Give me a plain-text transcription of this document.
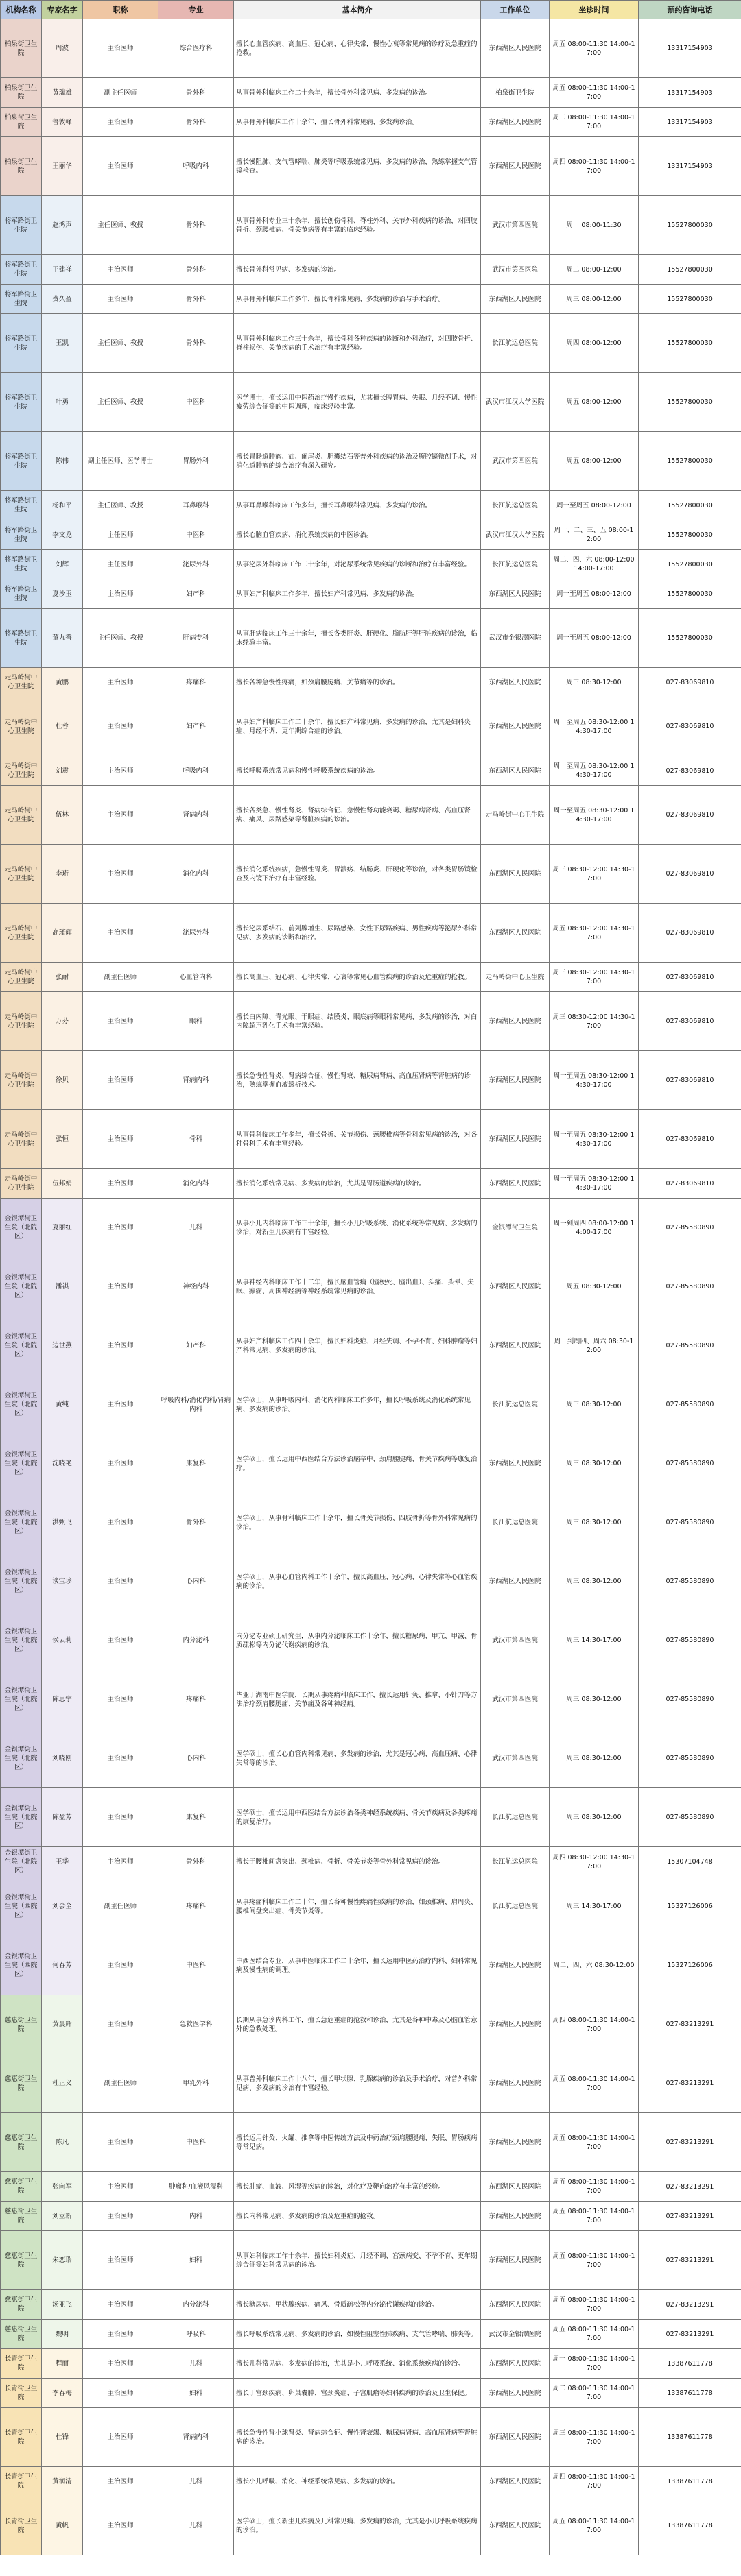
机构名称	专家名字	职称	专业	基本简介	工作单位	坐诊时间	预约咨询电话
柏泉街卫生院	周波	主治医师	综合医疗科	擅长心血管疾病、高血压、冠心病、心律失常，慢性心衰等常见病的诊疗及急重症的抢救。	东西湖区人民医院	周五 08:00-11:30 14:00-17:00	13317154903
柏泉街卫生院	黄瑞雄	副主任医师	骨外科	从事骨外科临床工作二十余年，擅长骨外科常见病、多发病的诊治。	柏泉街卫生院	周五 08:00-11:30 14:00-17:00	13317154903
柏泉街卫生院	鲁敦峰	主治医师	骨外科	从事骨外科临床工作十余年，擅长骨外科常见病、多发病诊治。	东西湖区人民医院	周二 08:00-11:30 14:00-17:00	13317154903
柏泉街卫生院	王丽华	主治医师	呼吸内科	擅长慢阻肺、支气管哮喘、肺炎等呼吸系统常见病、多发病的诊治，熟练掌握支气管镜检查。	东西湖区人民医院	周四 08:00-11:30 14:00-17:00	13317154903
将军路街卫生院	赵鸿声	主任医师、教授	骨外科	从事骨外科专业三十余年，擅长创伤骨科、脊柱外科、关节外科疾病的诊治，对四肢骨折、颈腰椎病、骨关节病等有丰富的临床经验。	武汉市第四医院	周一 08:00-11:30	15527800030
将军路街卫生院	王建祥	主治医师	骨外科	擅长骨外科常见病、多发病的诊治。	武汉市第四医院	周二 08:00-12:00	15527800030
将军路街卫生院	费久盈	主治医师	骨外科	从事骨外科临床工作多年，擅长骨科常见病、多发病的诊治与手术治疗。	东西湖区人民医院	周三 08:00-12:00	15527800030
将军路街卫生院	王凯	主任医师、教授	骨外科	从事骨外科临床工作三十余年，擅长骨科各种疾病的诊断和外科治疗，对四肢骨折、脊柱损伤、关节疾病的手术治疗有丰富经验。	长江航运总医院	周四 08:00-12:00	15527800030
将军路街卫生院	叶勇	主任医师、教授	中医科	医学博士，擅长运用中医药治疗慢性疾病，尤其擅长脾胃病、失眠、月经不调、慢性疲劳综合征等的中医调理，临床经验丰富。	武汉市江汉大学医院	周五 08:00-12:00	15527800030
将军路街卫生院	陈伟	副主任医师、医学博士	胃肠外科	擅长胃肠道肿瘤、疝、阑尾炎、胆囊结石等普外科疾病的诊治及腹腔镜微创手术，对消化道肿瘤的综合治疗有深入研究。	武汉市第四医院	周五 08:00-12:00	15527800030
将军路街卫生院	杨和平	主任医师、教授	耳鼻喉科	从事耳鼻喉科临床工作多年，擅长耳鼻喉科常见病、多发病的诊治。	长江航运总医院	周一至周五 08:00-12:00	15527800030
将军路街卫生院	李文龙	主任医师	中医科	擅长心脑血管疾病、消化系统疾病的中医诊治。	武汉市江汉大学医院	周一、二、三、五 08:00-12:00	15527800030
将军路街卫生院	刘辉	主任医师	泌尿外科	从事泌尿外科临床工作二十余年，对泌尿系统常见疾病的诊断和治疗有丰富经验。	长江航运总医院	周二、四、六 08:00-12:00 14:00-17:00	15527800030
将军路街卫生院	夏沙玉	主治医师	妇产科	从事妇产科临床工作多年，擅长妇产科常见病、多发病的诊治。	东西湖区人民医院	周一至周五 08:00-12:00	15527800030
将军路街卫生院	董九香	主任医师、教授	肝病专科	从事肝病临床工作三十余年，擅长各类肝炎、肝硬化、脂肪肝等肝脏疾病的诊治，临床经验丰富。	武汉市金银潭医院	周一至周五 08:00-12:00	15527800030
走马岭街中心卫生院	黄鹏	主治医师	疼痛科	擅长各种急慢性疼痛，如颈肩腰腿痛、关节痛等的诊治。	东西湖区人民医院	周三 08:30-12:00	027-83069810
走马岭街中心卫生院	杜蓉	主治医师	妇产科	从事妇产科临床工作二十余年，擅长妇产科常见病、多发病的诊治，尤其是妇科炎症、月经不调、更年期综合症的诊治。	东西湖区人民医院	周一至周五 08:30-12:00 14:30-17:00	027-83069810
走马岭街中心卫生院	刘震	主治医师	呼吸内科	擅长呼吸系统常见病和慢性呼吸系统疾病的诊治。	东西湖区人民医院	周一至周五 08:30-12:00 14:30-17:00	027-83069810
走马岭街中心卫生院	伍林	主治医师	肾病内科	擅长各类急、慢性肾炎、肾病综合征、急慢性肾功能衰竭、糖尿病肾病、高血压肾病、痛风、尿路感染等肾脏疾病的诊治。	走马岭街中心卫生院	周一至周五 08:30-12:00 14:30-17:00	027-83069810
走马岭街中心卫生院	李珩	主治医师	消化内科	擅长消化系统疾病，急慢性胃炎、胃溃疡、结肠炎、肝硬化等诊治，对各类胃肠镜检查及内镜下治疗有丰富经验。	东西湖区人民医院	周三 08:30-12:00 14:30-17:00	027-83069810
走马岭街中心卫生院	高瑾辉	主治医师	泌尿外科	擅长泌尿系结石、前列腺增生、尿路感染、女性下尿路疾病、男性疾病等泌尿外科常见病、多发病的诊断和治疗。	东西湖区人民医院	周五 08:30-12:00 14:30-17:00	027-83069810
走马岭街中心卫生院	张耐	副主任医师	心血管内科	擅长高血压、冠心病、心律失常、心衰等常见心血管疾病的诊治及危重症的抢救。	走马岭街中心卫生院	周三 08:30-12:00 14:30-17:00	027-83069810
走马岭街中心卫生院	万芬	主治医师	眼科	擅长白内障、青光眼、干眼症、结膜炎、眼底病等眼科常见病、多发病的诊治，对白内障超声乳化手术有丰富经验。	东西湖区人民医院	周三 08:30-12:00 14:30-17:00	027-83069810
走马岭街中心卫生院	徐贝	主治医师	肾病内科	擅长急慢性肾炎、肾病综合征、慢性肾衰、糖尿病肾病、高血压肾病等肾脏病的诊治，熟练掌握血液透析技术。	东西湖区人民医院	周一至周五 08:30-12:00 14:30-17:00	027-83069810
走马岭街中心卫生院	张恒	主治医师	骨科	从事骨科临床工作多年，擅长骨折、关节损伤、颈腰椎病等骨科常见病的诊治，对各种骨科手术有丰富经验。	东西湖区人民医院	周一至周五 08:30-12:00 14:30-17:00	027-83069810
走马岭街中心卫生院	伍邦娟	主治医师	消化内科	擅长消化系统常见病、多发病的诊治，尤其是胃肠道疾病的诊治。	东西湖区人民医院	周一至周五 08:30-12:00 14:30-17:00	027-83069810
金银潭街卫生院（北院区）	夏丽红	主治医师	儿科	从事小儿内科临床工作三十余年，擅长小儿呼吸系统、消化系统等常见病、多发病的诊治，对新生儿疾病有丰富经验。	金银潭街卫生院	周一到周四 08:00-12:00 14:00-17:00	027-85580890
金银潭街卫生院（北院区）	潘祺	主治医师	神经内科	从事神经内科临床工作十二年，擅长脑血管病（脑梗死、脑出血）、头痛、头晕、失眠、癫痫、周围神经病等神经系统常见病的诊治。	东西湖区人民医院	周五 08:30-12:00	027-85580890
金银潭街卫生院（北院区）	边世燕	主治医师	妇产科	从事妇产科临床工作四十余年，擅长妇科炎症、月经失调、不孕不育、妇科肿瘤等妇产科常见病、多发病的诊治。	东西湖区人民医院	周一到周四、周六 08:30-12:00	027-85580890
金银潭街卫生院（北院区）	黄纯	主治医师	呼吸内科/消化内科/肾病内科	医学硕士，从事呼吸内科、消化内科临床工作多年，擅长呼吸系统及消化系统常见病、多发病的诊治。	长江航运总医院	周三 08:30-12:00	027-85580890
金银潭街卫生院（北院区）	沈晓艳	主治医师	康复科	医学硕士，擅长运用中西医结合方法诊治脑卒中、颈肩腰腿痛、骨关节疾病等康复治疗。	东西湖区人民医院	周三 08:30-12:00	027-85580890
金银潭街卫生院（北院区）	洪甄飞	主治医师	骨外科	医学硕士，从事骨科临床工作十余年，擅长骨关节损伤、四肢骨折等骨外科常见病的诊治。	长江航运总医院	周三 08:30-12:00	027-85580890
金银潭街卫生院（北院区）	谈宝珍	主治医师	心内科	医学硕士，从事心血管内科工作十余年，擅长高血压、冠心病、心律失常等心血管疾病的诊治。	东西湖区人民医院	周三 08:30-12:00	027-85580890
金银潭街卫生院（北院区）	侯云莉	主治医师	内分泌科	内分泌专业硕士研究生，从事内分泌临床工作十余年，擅长糖尿病、甲亢、甲减、骨质疏松等内分泌代谢疾病的诊治。	武汉市第四医院	周三 14:30-17:00	027-85580890
金银潭街卫生院（北院区）	陈思宇	主治医师	疼痛科	毕业于湖南中医学院，长期从事疼痛科临床工作，擅长运用针灸、推拿、小针刀等方法治疗颈肩腰腿痛、关节痛及各种神经痛。	武汉市第四医院	周三 08:30-12:00	027-85580890
金银潭街卫生院（北院区）	刘晓刚	主治医师	心内科	医学硕士，擅长心血管内科常见病、多发病的诊治，尤其是冠心病、高血压病、心律失常等的诊治。	武汉市第四医院	周三 08:30-12:00	027-85580890
金银潭街卫生院（北院区）	陈盈芳	主治医师	康复科	医学硕士，擅长运用中西医结合方法诊治各类神经系统疾病、骨关节疾病及各类疼痛的康复治疗。	长江航运总医院	周三 08:30-12:00	027-85580890
金银潭街卫生院（北院区）	王华	主治医师	骨外科	擅长于腰椎间盘突出、颈椎病、骨折、骨关节炎等骨外科常见病的诊治。	长江航运总医院	周四 08:30-12:00 14:30-17:00	15307104748
金银潭街卫生院（西院区）	刘会全	副主任医师	疼痛科	从事疼痛科临床工作二十年，擅长各种慢性疼痛性疾病的诊治，如颈椎病、肩周炎、腰椎间盘突出症、骨关节炎等。	长江航运总医院	周三 14:30-17:00	15327126006
金银潭街卫生院（西院区）	何春芳	主治医师	中医科	中西医结合专业，从事中医临床工作二十余年，擅长运用中医药治疗内科、妇科常见病及慢性病的调理。	东西湖区人民医院	周二、四、六 08:30-12:00	15327126006
慈惠街卫生院	黄晨辉	主治医师	急救医学科	长期从事急诊内科工作，擅长急危重症的抢救和诊治，尤其是各种中毒及心脑血管意外的急救处理。	东西湖区人民医院	周四 08:00-11:30 14:00-17:00	027-83213291
慈惠街卫生院	杜正义	副主任医师	甲乳外科	从事普外科临床工作十八年，擅长甲状腺、乳腺疾病的诊治及手术治疗，对普外科常见病、多发病的诊治有丰富经验。	东西湖区人民医院	周五 08:00-11:30 14:00-17:00	027-83213291
慈惠街卫生院	陈凡	主治医师	中医科	擅长运用针灸、火罐、推拿等中医传统方法及中药治疗颈肩腰腿痛、失眠、胃肠疾病等常见病。	东西湖区人民医院	周五 08:00-11:30 14:00-17:00	027-83213291
慈惠街卫生院	张向军	主治医师	肿瘤科/血液风湿科	擅长肿瘤、血液、风湿等疾病的诊治，对化疗及靶向治疗有丰富的经验。	东西湖区人民医院	周五 08:00-11:30 14:00-17:00	027-83213291
慈惠街卫生院	刘立新	主治医师	内科	擅长内科常见病、多发病的诊治及危重症的抢救。	东西湖区人民医院	周五 08:00-11:30 14:00-17:00	027-83213291
慈惠街卫生院	朱恋瑞	主治医师	妇科	从事妇科临床工作十余年，擅长妇科炎症、月经不调、宫颈病变、不孕不育、更年期综合征等妇科常见病的诊治。	东西湖区人民医院	周五 08:00-11:30 14:00-17:00	027-83213291
慈惠街卫生院	汤亚飞	主治医师	内分泌科	擅长糖尿病、甲状腺疾病、痛风、骨质疏松等内分泌代谢疾病的诊治。	东西湖区人民医院	周五 08:00-11:30 14:00-17:00	027-83213291
慈惠街卫生院	魏明	主治医师	呼吸科	擅长呼吸系统常见病、多发病的诊治，如慢性阻塞性肺疾病、支气管哮喘、肺炎等。	武汉市金银潭医院	周五 08:00-11:30 14:00-17:00	027-83213291
长青街卫生院	程丽	主治医师	儿科	擅长儿科常见病、多发病的诊治，尤其是小儿呼吸系统、消化系统疾病的诊治。	东西湖区人民医院	周一 08:00-11:30 14:00-17:00	13387611778
长青街卫生院	李春梅	主治医师	妇科	擅长于宫颈疾病、卵巢囊肿、宫颈炎症、子宫肌瘤等妇科疾病的诊治及卫生保健。	东西湖区人民医院	周二 08:00-11:30 14:00-17:00	13387611778
长青街卫生院	杜锋	主治医师	肾病内科	擅长急慢性肾小球肾炎、肾病综合征、慢性肾衰竭、糖尿病肾病、高血压肾病等肾脏病的诊治。	东西湖区人民医院	周三 08:00-11:30 14:00-17:00	13387611778
长青街卫生院	黄润清	主治医师	儿科	擅长小儿呼吸、消化、神经系统常见病、多发病的诊治。	东西湖区人民医院	周四 08:00-11:30 14:00-17:00	13387611778
长青街卫生院	黄帆	主治医师	儿科	医学硕士，擅长新生儿疾病及儿科常见病、多发病的诊治，尤其是小儿呼吸系统疾病的诊治。	东西湖区人民医院	周五 08:00-11:30 14:00-17:00	13387611778
